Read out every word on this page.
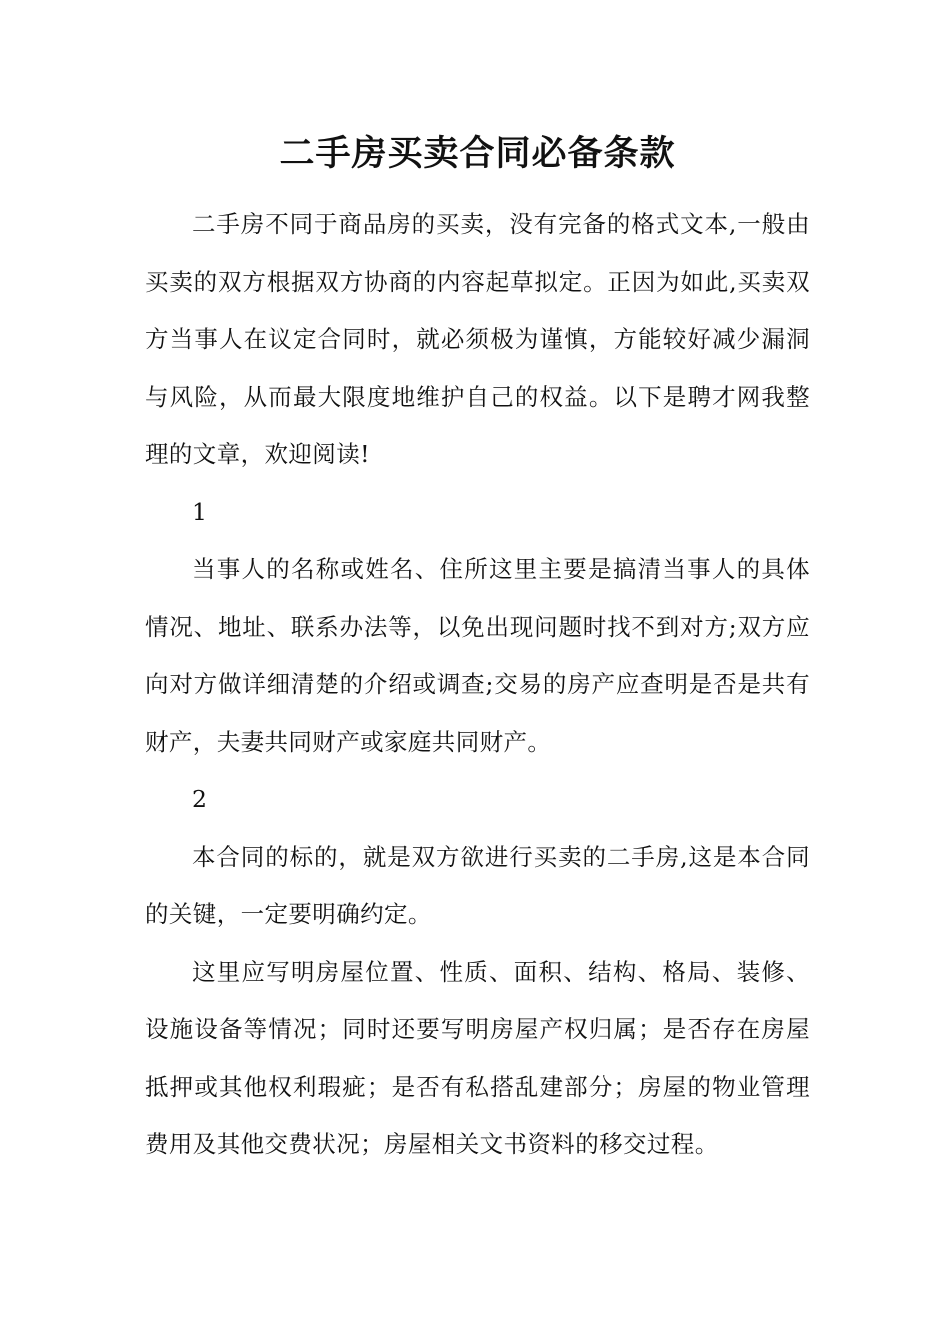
二手房买卖合同必备条款

二手房不同于商品房的买卖，没有完备的格式文本,一般由买卖的双方根据双方协商的内容起草拟定。正因为如此,买卖双方当事人在议定合同时，就必须极为谨慎，方能较好减少漏洞与风险，从而最大限度地维护自己的权益。以下是聘才网我整理的文章，欢迎阅读!

1

当事人的名称或姓名、住所这里主要是搞清当事人的具体情况、地址、联系办法等，以免出现问题时找不到对方;双方应向对方做详细清楚的介绍或调查;交易的房产应查明是否是共有财产，夫妻共同财产或家庭共同财产。

2

本合同的标的，就是双方欲进行买卖的二手房,这是本合同的关键，一定要明确约定。

这里应写明房屋位置、性质、面积、结构、格局、装修、设施设备等情况；同时还要写明房屋产权归属；是否存在房屋抵押或其他权利瑕疵；是否有私搭乱建部分；房屋的物业管理费用及其他交费状况；房屋相关文书资料的移交过程。
